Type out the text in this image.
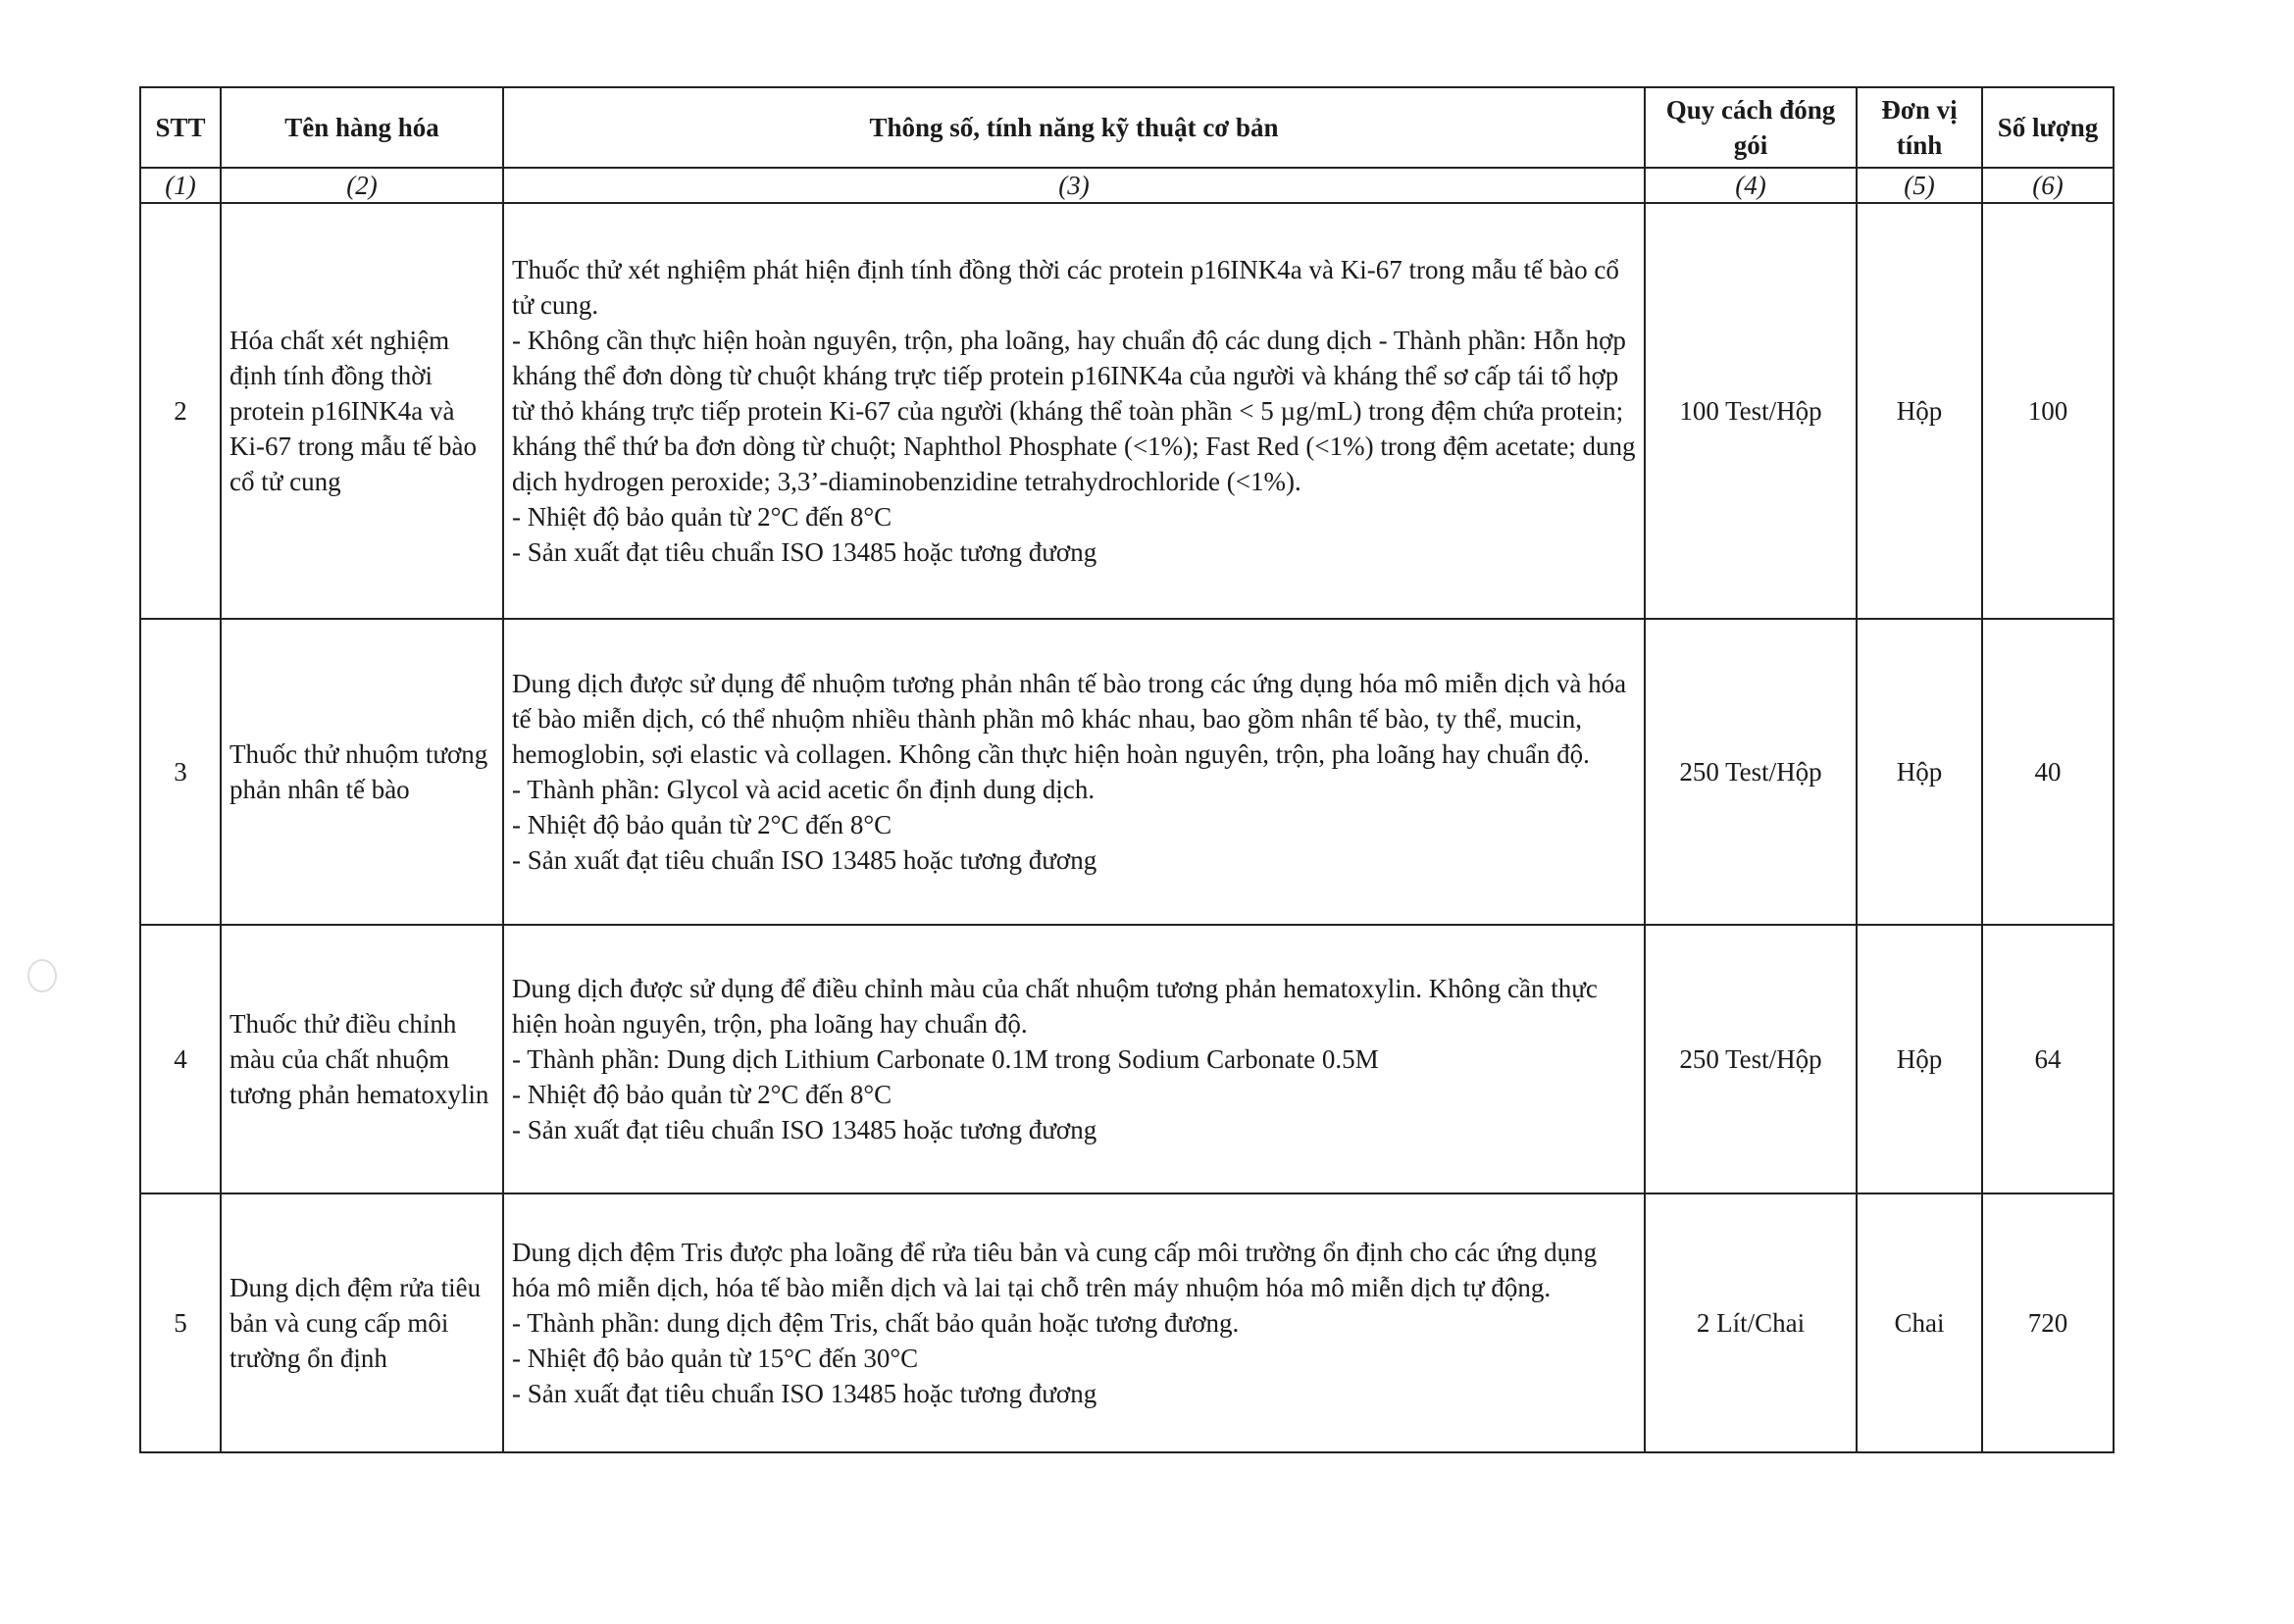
STT	Tên hàng hóa	Thông số, tính năng kỹ thuật cơ bản	Quy cách đóng gói	Đơn vị tính	Số lượng
(1)	(2)	(3)	(4)	(5)	(6)
2	Hóa chất xét nghiệm định tính đồng thời protein p16INK4a và Ki-67 trong mẫu tế bào cổ tử cung	Thuốc thử xét nghiệm phát hiện định tính đồng thời các protein p16INK4a và Ki-67 trong mẫu tế bào cổ tử cung.
- Không cần thực hiện hoàn nguyên, trộn, pha loãng, hay chuẩn độ các dung dịch - Thành phần: Hỗn hợp kháng thể đơn dòng từ chuột kháng trực tiếp protein p16INK4a của người và kháng thể sơ cấp tái tổ hợp từ thỏ kháng trực tiếp protein Ki-67 của người (kháng thể toàn phần < 5 µg/mL) trong đệm chứa protein; kháng thể thứ ba đơn dòng từ chuột; Naphthol Phosphate (<1%); Fast Red (<1%) trong đệm acetate; dung dịch hydrogen peroxide; 3,3’-diaminobenzidine tetrahydrochloride (<1%).
- Nhiệt độ bảo quản từ 2°C đến 8°C
- Sản xuất đạt tiêu chuẩn ISO 13485 hoặc tương đương	100 Test/Hộp	Hộp	100
3	Thuốc thử nhuộm tương phản nhân tế bào	Dung dịch được sử dụng để nhuộm tương phản nhân tế bào trong các ứng dụng hóa mô miễn dịch và hóa tế bào miễn dịch, có thể nhuộm nhiều thành phần mô khác nhau, bao gồm nhân tế bào, ty thể, mucin, hemoglobin, sợi elastic và collagen. Không cần thực hiện hoàn nguyên, trộn, pha loãng hay chuẩn độ.
- Thành phần: Glycol và acid acetic ổn định dung dịch.
- Nhiệt độ bảo quản từ 2°C đến 8°C
- Sản xuất đạt tiêu chuẩn ISO 13485 hoặc tương đương	250 Test/Hộp	Hộp	40
4	Thuốc thử điều chỉnh màu của chất nhuộm tương phản hematoxylin	Dung dịch được sử dụng để điều chỉnh màu của chất nhuộm tương phản hematoxylin. Không cần thực hiện hoàn nguyên, trộn, pha loãng hay chuẩn độ.
- Thành phần: Dung dịch Lithium Carbonate 0.1M trong Sodium Carbonate 0.5M
- Nhiệt độ bảo quản từ 2°C đến 8°C
- Sản xuất đạt tiêu chuẩn ISO 13485 hoặc tương đương	250 Test/Hộp	Hộp	64
5	Dung dịch đệm rửa tiêu bản và cung cấp môi trường ổn định	Dung dịch đệm Tris được pha loãng để rửa tiêu bản và cung cấp môi trường ổn định cho các ứng dụng hóa mô miễn dịch, hóa tế bào miễn dịch và lai tại chỗ trên máy nhuộm hóa mô miễn dịch tự động.
- Thành phần: dung dịch đệm Tris, chất bảo quản hoặc tương đương.
- Nhiệt độ bảo quản từ 15°C đến 30°C
- Sản xuất đạt tiêu chuẩn ISO 13485 hoặc tương đương	2 Lít/Chai	Chai	720
